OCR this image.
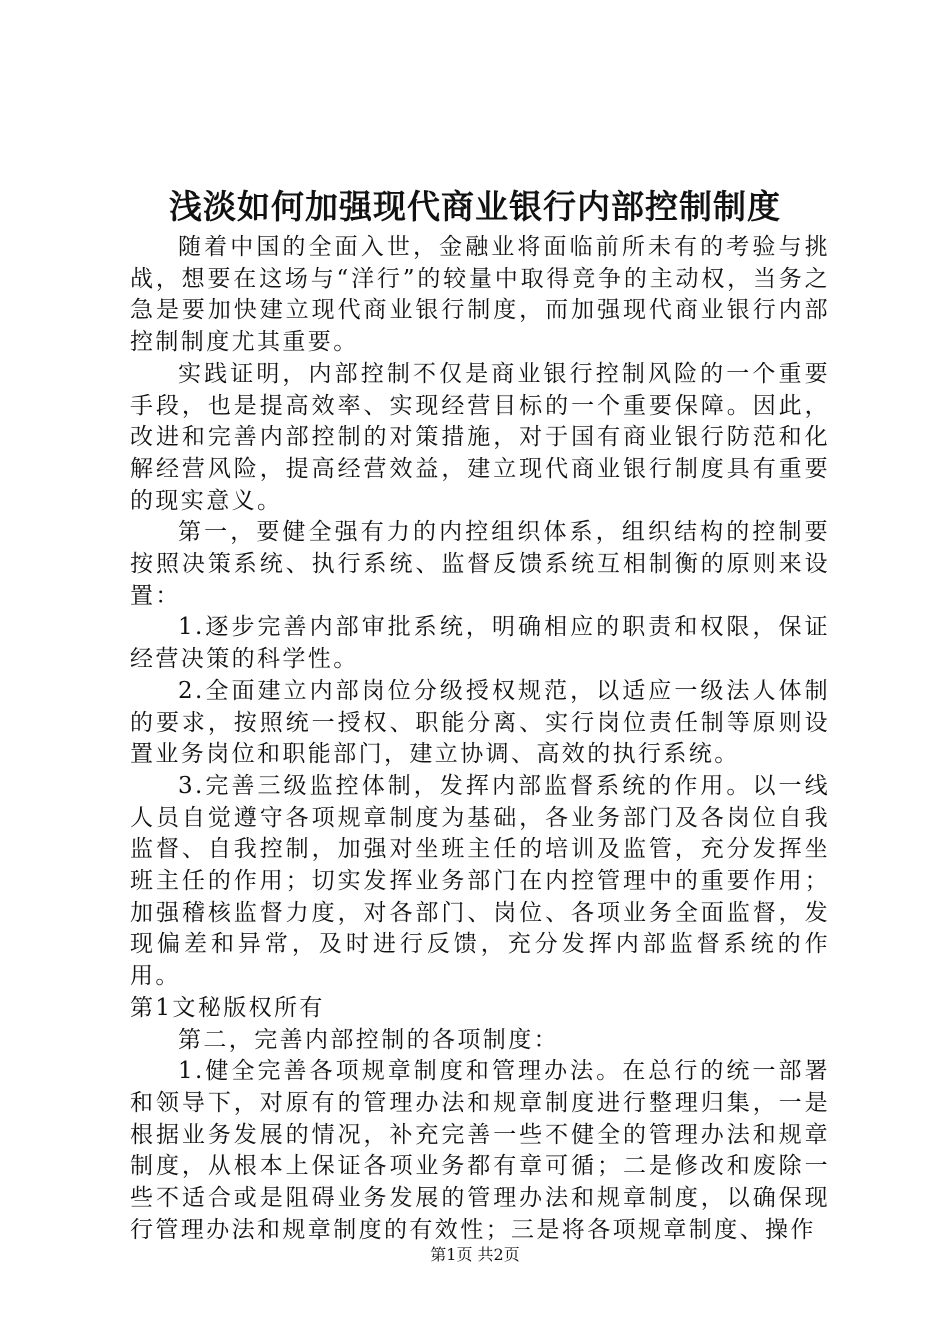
浅淡如何加强现代商业银行内部控制制度

随着中国的全面入世，金融业将面临前所未有的考验与挑战，想要在这场与“洋行”的较量中取得竞争的主动权，当务之急是要加快建立现代商业银行制度，而加强现代商业银行内部控制制度尤其重要。

实践证明，内部控制不仅是商业银行控制风险的一个重要手段，也是提高效率、实现经营目标的一个重要保障。因此，改进和完善内部控制的对策措施，对于国有商业银行防范和化解经营风险，提高经营效益，建立现代商业银行制度具有重要的现实意义。

第一，要健全强有力的内控组织体系，组织结构的控制要按照决策系统、执行系统、监督反馈系统互相制衡的原则来设置：

1.逐步完善内部审批系统，明确相应的职责和权限，保证经营决策的科学性。

2.全面建立内部岗位分级授权规范，以适应一级法人体制的要求，按照统一授权、职能分离、实行岗位责任制等原则设置业务岗位和职能部门，建立协调、高效的执行系统。

3.完善三级监控体制，发挥内部监督系统的作用。以一线人员自觉遵守各项规章制度为基础，各业务部门及各岗位自我监督、自我控制，加强对坐班主任的培训及监管，充分发挥坐班主任的作用；切实发挥业务部门在内控管理中的重要作用；加强稽核监督力度，对各部门、岗位、各项业务全面监督，发现偏差和异常，及时进行反馈，充分发挥内部监督系统的作用。

第1文秘版权所有

第二，完善内部控制的各项制度：

1.健全完善各项规章制度和管理办法。在总行的统一部署和领导下，对原有的管理办法和规章制度进行整理归集，一是根据业务发展的情况，补充完善一些不健全的管理办法和规章制度，从根本上保证各项业务都有章可循；二是修改和废除一些不适合或是阻碍业务发展的管理办法和规章制度，以确保现行管理办法和规章制度的有效性；三是将各项规章制度、操作

第1页 共2页
